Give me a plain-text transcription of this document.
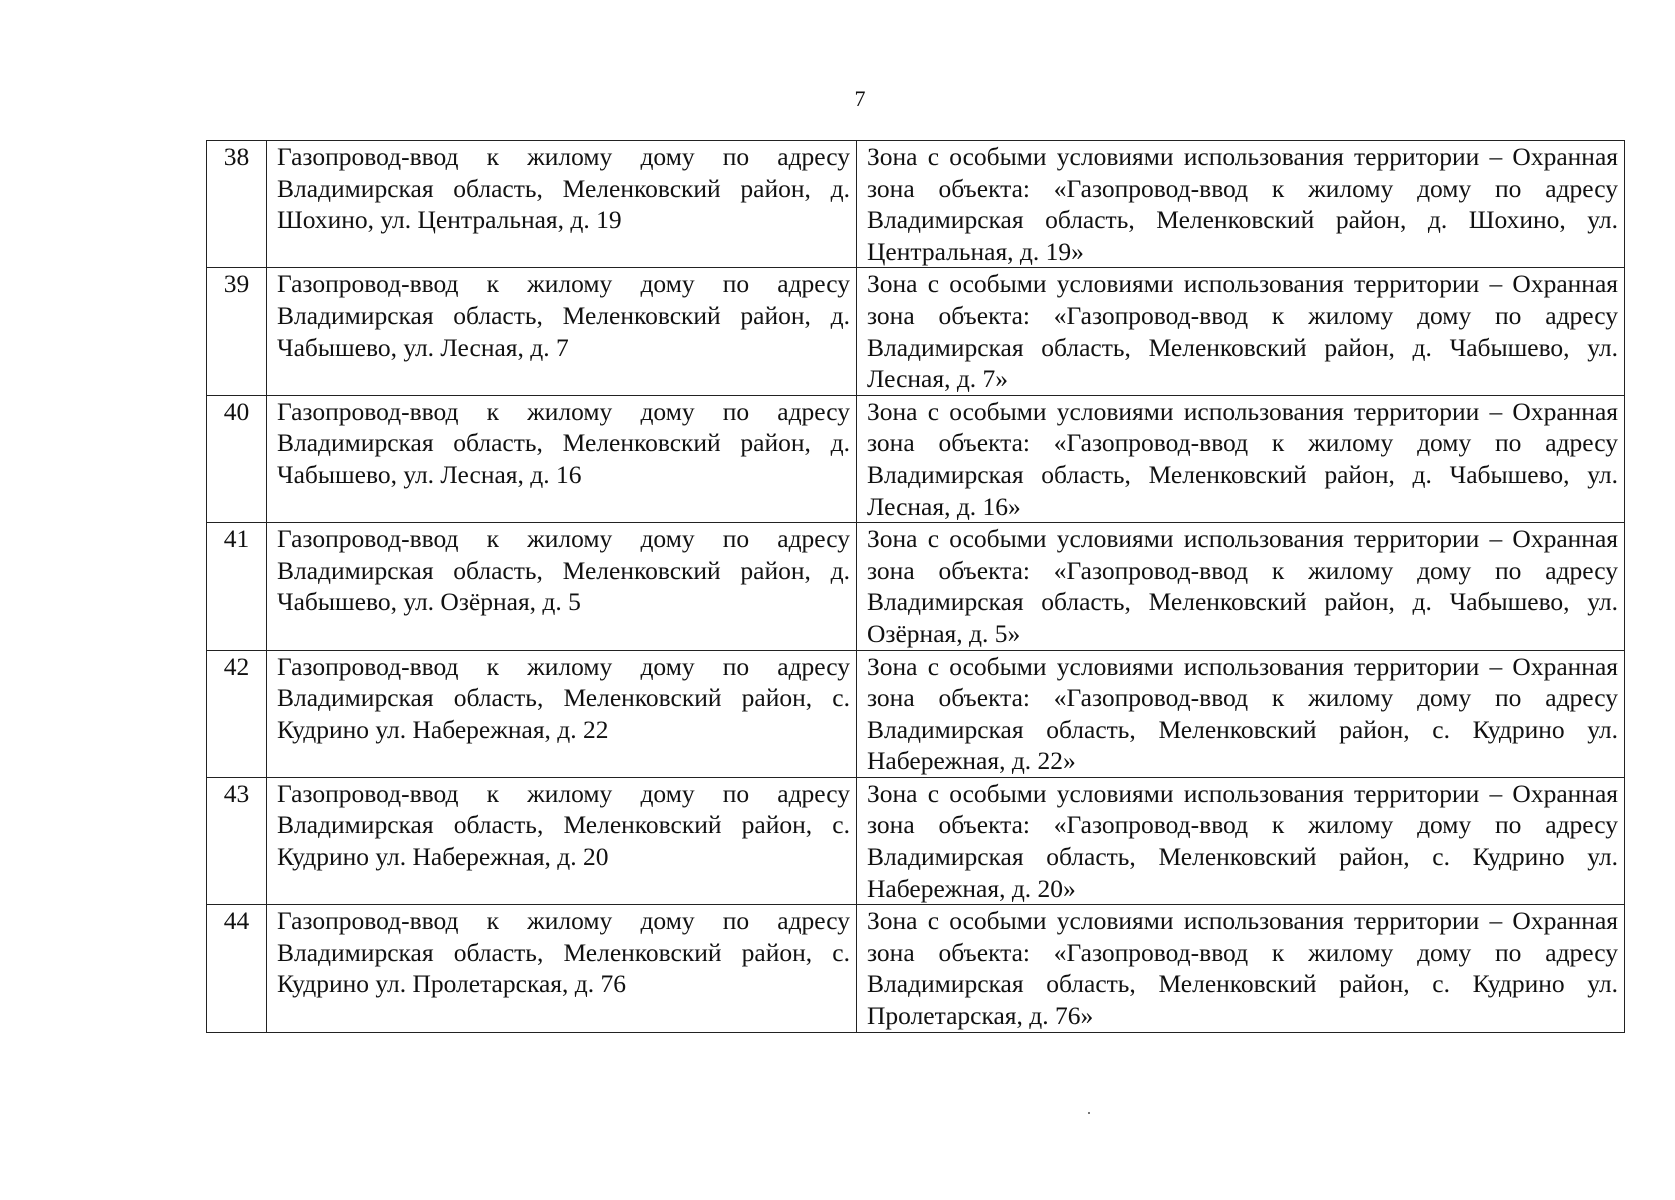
7
38	Газопровод-ввод к жилому дому по адресу Владимирская область, Меленковский район, д. Шохино, ул. Центральная, д. 19	Зона с особыми условиями использования территории – Охранная зона объекта: «Газопровод-ввод к жилому дому по адресу Владимирская область, Меленковский район, д. Шохино, ул. Центральная, д. 19»
39	Газопровод-ввод к жилому дому по адресу Владимирская область, Меленковский район, д. Чабышево, ул. Лесная, д. 7	Зона с особыми условиями использования территории – Охранная зона объекта: «Газопровод-ввод к жилому дому по адресу Владимирская область, Меленковский район, д. Чабышево, ул. Лесная, д. 7»
40	Газопровод-ввод к жилому дому по адресу Владимирская область, Меленковский район, д. Чабышево, ул. Лесная, д. 16	Зона с особыми условиями использования территории – Охранная зона объекта: «Газопровод-ввод к жилому дому по адресу Владимирская область, Меленковский район, д. Чабышево, ул. Лесная, д. 16»
41	Газопровод-ввод к жилому дому по адресу Владимирская область, Меленковский район, д. Чабышево, ул. Озёрная, д. 5	Зона с особыми условиями использования территории – Охранная зона объекта: «Газопровод-ввод к жилому дому по адресу Владимирская область, Меленковский район, д. Чабышево, ул. Озёрная, д. 5»
42	Газопровод-ввод к жилому дому по адресу Владимирская область, Меленковский район, с. Кудрино ул. Набережная, д. 22	Зона с особыми условиями использования территории – Охранная зона объекта: «Газопровод-ввод к жилому дому по адресу Владимирская область, Меленковский район, с. Кудрино ул. Набережная, д. 22»
43	Газопровод-ввод к жилому дому по адресу Владимирская область, Меленковский район, с. Кудрино ул. Набережная, д. 20	Зона с особыми условиями использования территории – Охранная зона объекта: «Газопровод-ввод к жилому дому по адресу Владимирская область, Меленковский район, с. Кудрино ул. Набережная, д. 20»
44	Газопровод-ввод к жилому дому по адресу Владимирская область, Меленковский район, с. Кудрино ул. Пролетарская, д. 76	Зона с особыми условиями использования территории – Охранная зона объекта: «Газопровод-ввод к жилому дому по адресу Владимирская область, Меленковский район, с. Кудрино ул. Пролетарская, д. 76»
